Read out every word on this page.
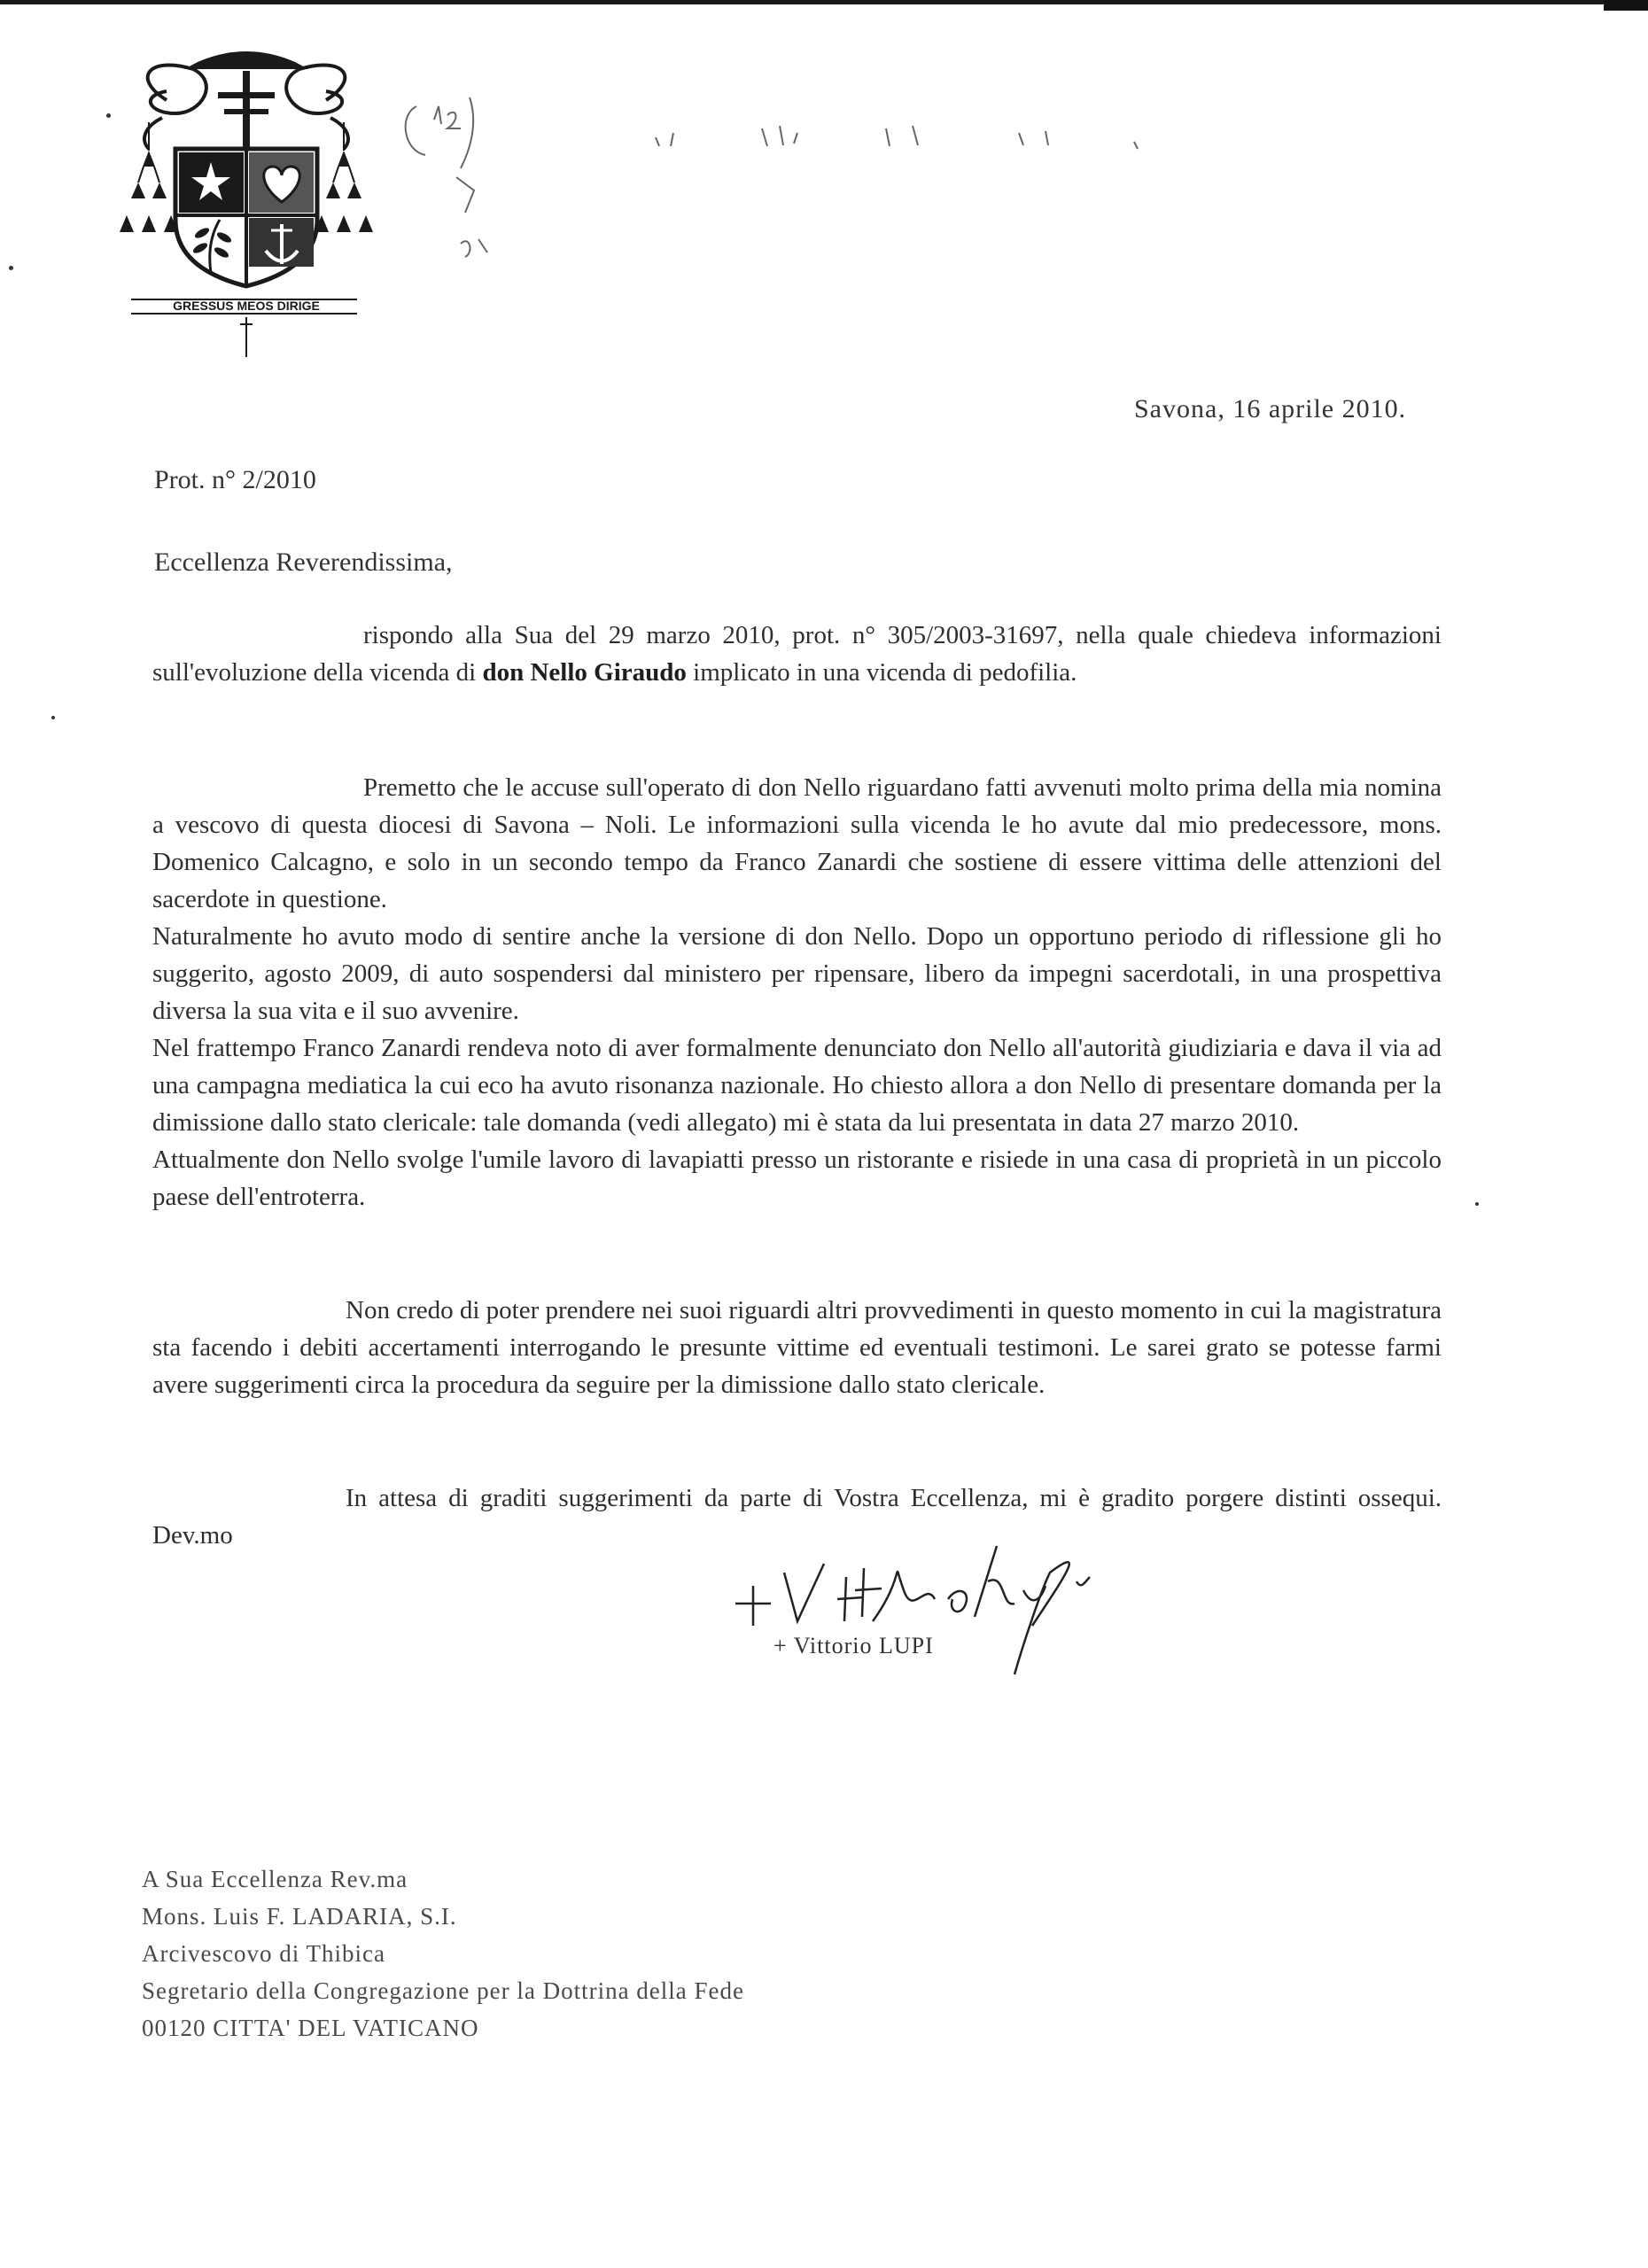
GRESSUS MEOS DIRIGE
Savona, 16 aprile 2010.
Prot. n° 2/2010
Eccellenza Reverendissima,
rispondo alla Sua del 29 marzo 2010, prot. n° 305/2003-31697, nella quale chiedeva informazioni sull'evoluzione della vicenda di don Nello Giraudo implicato in una vicenda di pedofilia.
Premetto che le accuse sull'operato di don Nello riguardano fatti avvenuti molto prima della mia nomina a vescovo di questa diocesi di Savona – Noli. Le informazioni sulla vicenda le ho avute dal mio predecessore, mons. Domenico Calcagno, e solo in un secondo tempo da Franco Zanardi che sostiene di essere vittima delle attenzioni del sacerdote in questione.
Naturalmente ho avuto modo di sentire anche la versione di don Nello. Dopo un opportuno periodo di riflessione gli ho suggerito, agosto 2009, di auto sospendersi dal ministero per ripensare, libero da impegni sacerdotali, in una prospettiva diversa la sua vita e il suo avvenire.
Nel frattempo Franco Zanardi rendeva noto di aver formalmente denunciato don Nello all'autorità giudiziaria e dava il via ad una campagna mediatica la cui eco ha avuto risonanza nazionale. Ho chiesto allora a don Nello di presentare domanda per la dimissione dallo stato clericale: tale domanda (vedi allegato) mi è stata da lui presentata in data 27 marzo 2010.
Attualmente don Nello svolge l'umile lavoro di lavapiatti presso un ristorante e risiede in una casa di proprietà in un piccolo paese dell'entroterra.
Non credo di poter prendere nei suoi riguardi altri provvedimenti in questo momento in cui la magistratura sta facendo i debiti accertamenti interrogando le presunte vittime ed eventuali testimoni. Le sarei grato se potesse farmi avere suggerimenti circa la procedura da seguire per la dimissione dallo stato clericale.
In attesa di graditi suggerimenti da parte di Vostra Eccellenza, mi è gradito porgere distinti ossequi. Dev.mo
+ Vittorio LUPI
A Sua Eccellenza Rev.ma
Mons. Luis F. LADARIA, S.I.
Arcivescovo di Thibica
Segretario della Congregazione per la Dottrina della Fede
00120 CITTA' DEL VATICANO
